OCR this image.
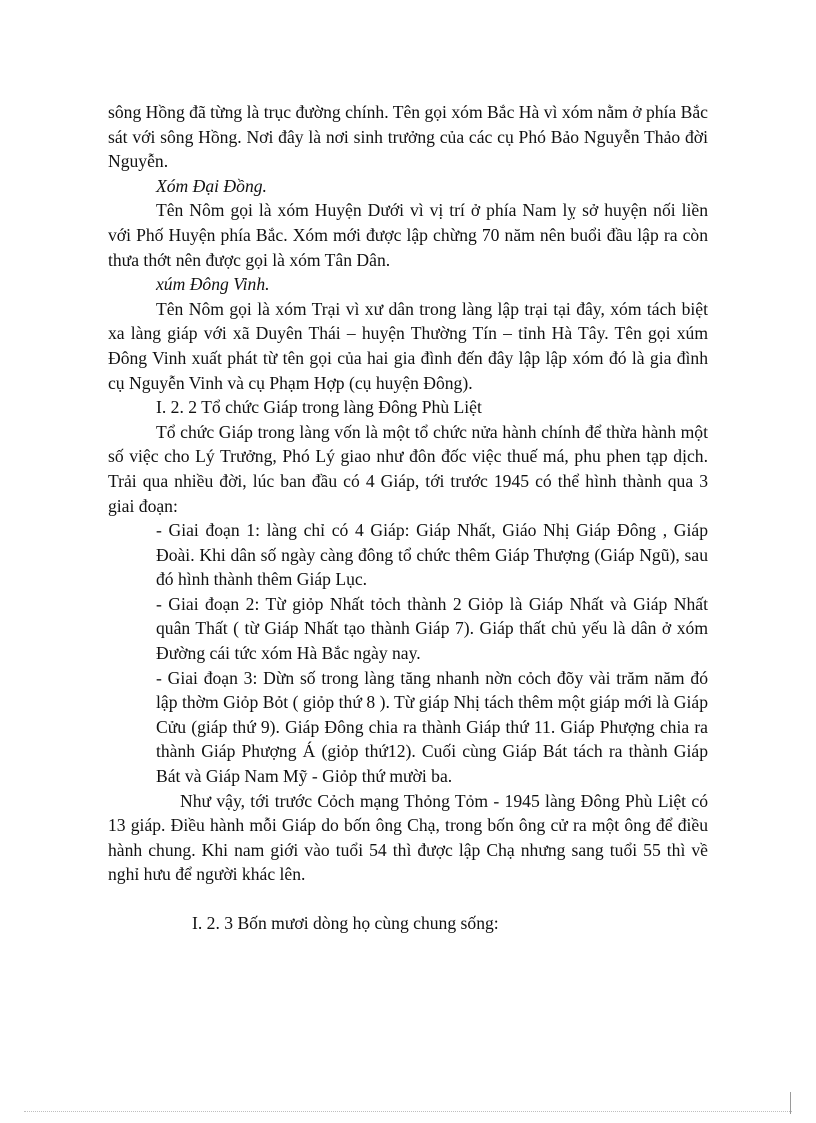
sông Hồng đã từng là trục đường chính. Tên gọi xóm Bắc Hà vì xóm nằm ở phía Bắc sát với sông Hồng. Nơi đây là nơi sinh trưởng của các cụ Phó Bảo Nguyễn Thảo đời Nguyễn.

Xóm Đại Đồng.

Tên Nôm gọi là xóm Huyện Dưới vì vị trí ở phía Nam lỵ sở huyện nối liền với Phố Huyện phía Bắc. Xóm mới được lập chừng 70 năm nên buổi đầu lập ra còn thưa thớt nên được gọi là xóm Tân Dân.

xúm Đông Vinh.

Tên Nôm gọi là xóm Trại vì xư dân trong làng lập trại tại đây, xóm tách biệt xa làng giáp với xã Duyên Thái – huyện Thường Tín – tỉnh Hà Tây. Tên gọi xúm Đông Vinh xuất phát từ tên gọi của hai gia đình đến đây lập lập xóm đó là gia đình cụ Nguyễn Vinh và cụ Phạm Hợp (cụ huyện Đông).

I. 2. 2 Tổ chức Giáp trong làng Đông Phù Liệt

Tổ chức Giáp trong làng vốn là một tổ chức nửa hành chính để thừa hành một số việc cho Lý Trưởng, Phó Lý giao như đôn đốc việc thuế má, phu phen tạp dịch. Trải qua nhiều đời, lúc ban đầu có 4 Giáp, tới trước 1945 có thể hình thành qua 3 giai đoạn:

- Giai đoạn 1: làng chỉ có 4 Giáp: Giáp Nhất, Giáo Nhị Giáp Đông , Giáp Đoài. Khi dân số ngày càng đông tổ chức thêm Giáp Thượng (Giáp Ngũ), sau đó hình thành thêm Giáp Lục.

- Giai đoạn 2: Từ giỏp Nhất tỏch thành 2 Giỏp là Giáp Nhất và Giáp Nhất quân Thất ( từ Giáp Nhất tạo thành Giáp 7). Giáp thất chủ yếu là dân ở xóm Đường cái tức xóm Hà Bắc ngày nay.

- Giai đoạn 3: Dừn số trong làng tăng nhanh nờn cỏch đõy vài trăm năm đó lập thờm Giỏp Bỏt ( giỏp thứ 8 ). Từ giáp Nhị tách thêm một giáp mới là Giáp Cửu (giáp thứ 9). Giáp Đông chia ra thành Giáp thứ 11. Giáp Phượng chia ra thành Giáp Phượng Á (giỏp thứ12). Cuối cùng Giáp Bát tách ra thành Giáp Bát và Giáp Nam Mỹ - Giỏp thứ mười ba.

Như vậy, tới trước Cỏch mạng Thỏng Tỏm - 1945 làng Đông Phù Liệt có 13 giáp. Điều hành mỗi Giáp do bốn ông Chạ, trong bốn ông cử ra một ông để điều hành chung. Khi nam giới vào tuổi 54 thì được lập Chạ nhưng sang tuổi 55 thì về nghỉ hưu để người khác lên.

I. 2. 3 Bốn mươi dòng họ cùng chung sống:
